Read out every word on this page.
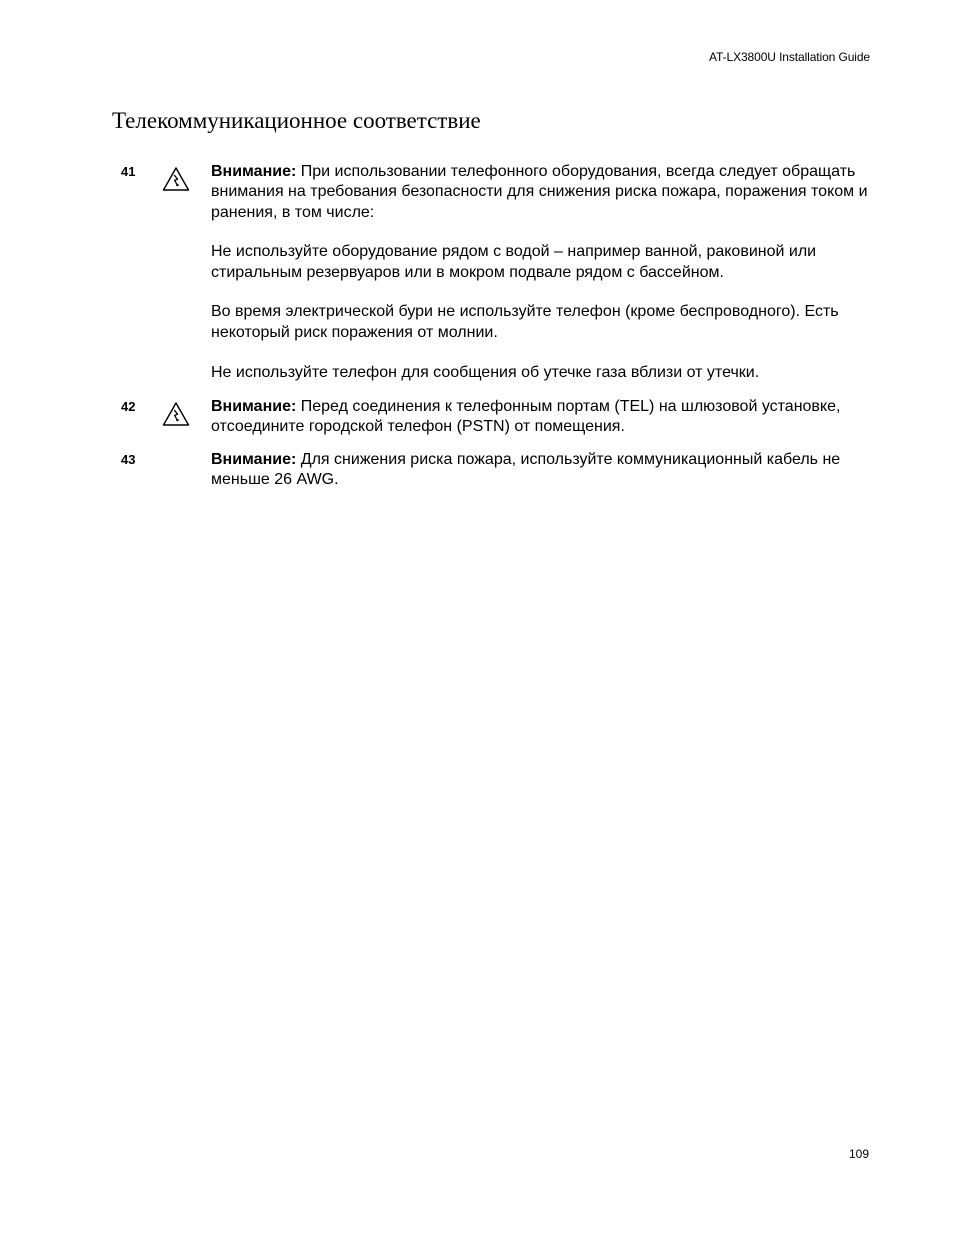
AT-LX3800U Installation Guide
Телекоммуникационное соответствие
41	Внимание: При использовании телефонного оборудования, всегда следует обращать внимания на требования безопасности для снижения риска пожара, поражения током и ранения, в том числе:

Не используйте оборудование рядом с водой – например ванной, раковиной или стиральным резервуаров или в мокром подвале рядом с бассейном.

Во время электрической бури не используйте телефон (кроме беспроводного). Есть некоторый риск поражения от молнии.

Не используйте телефон для сообщения об утечке газа вблизи от утечки.

42	Внимание: Перед соединения к телефонным портам (TEL) на шлюзовой установке, отсоедините городской телефон (PSTN) от помещения.

43	Внимание: Для снижения риска пожара, используйте коммуникационный кабель не меньше 26 AWG.

109
